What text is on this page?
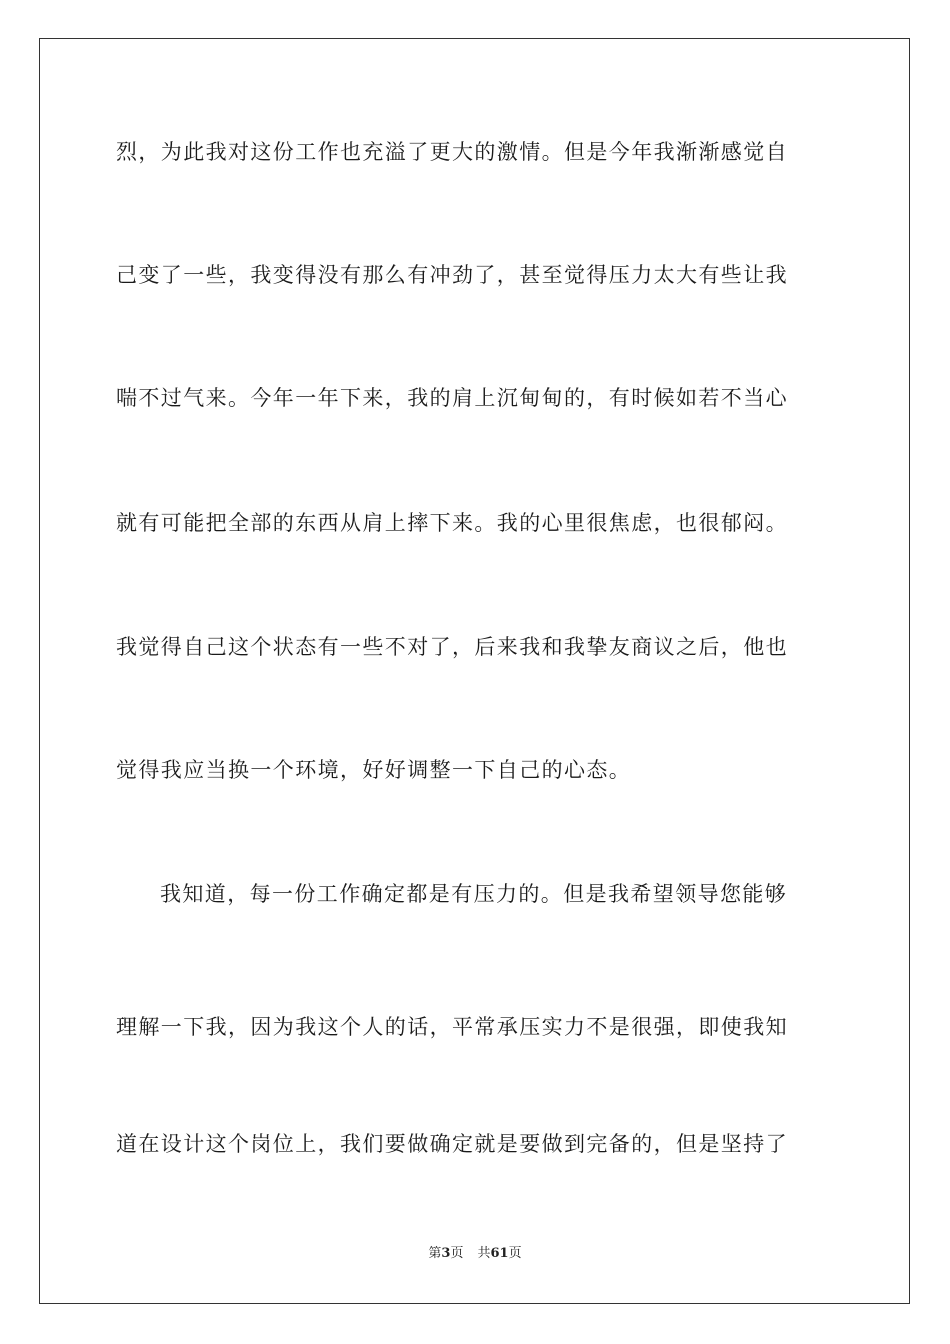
烈，为此我对这份工作也充溢了更大的激情。但是今年我渐渐感觉自
己变了一些，我变得没有那么有冲劲了，甚至觉得压力太大有些让我
喘不过气来。今年一年下来，我的肩上沉甸甸的，有时候如若不当心
就有可能把全部的东西从肩上摔下来。我的心里很焦虑，也很郁闷。
我觉得自己这个状态有一些不对了，后来我和我挚友商议之后，他也
觉得我应当换一个环境，好好调整一下自己的心态。
我知道，每一份工作确定都是有压力的。但是我希望领导您能够
理解一下我，因为我这个人的话，平常承压实力不是很强，即使我知
道在设计这个岗位上，我们要做确定就是要做到完备的，但是坚持了
第3页 共61页
